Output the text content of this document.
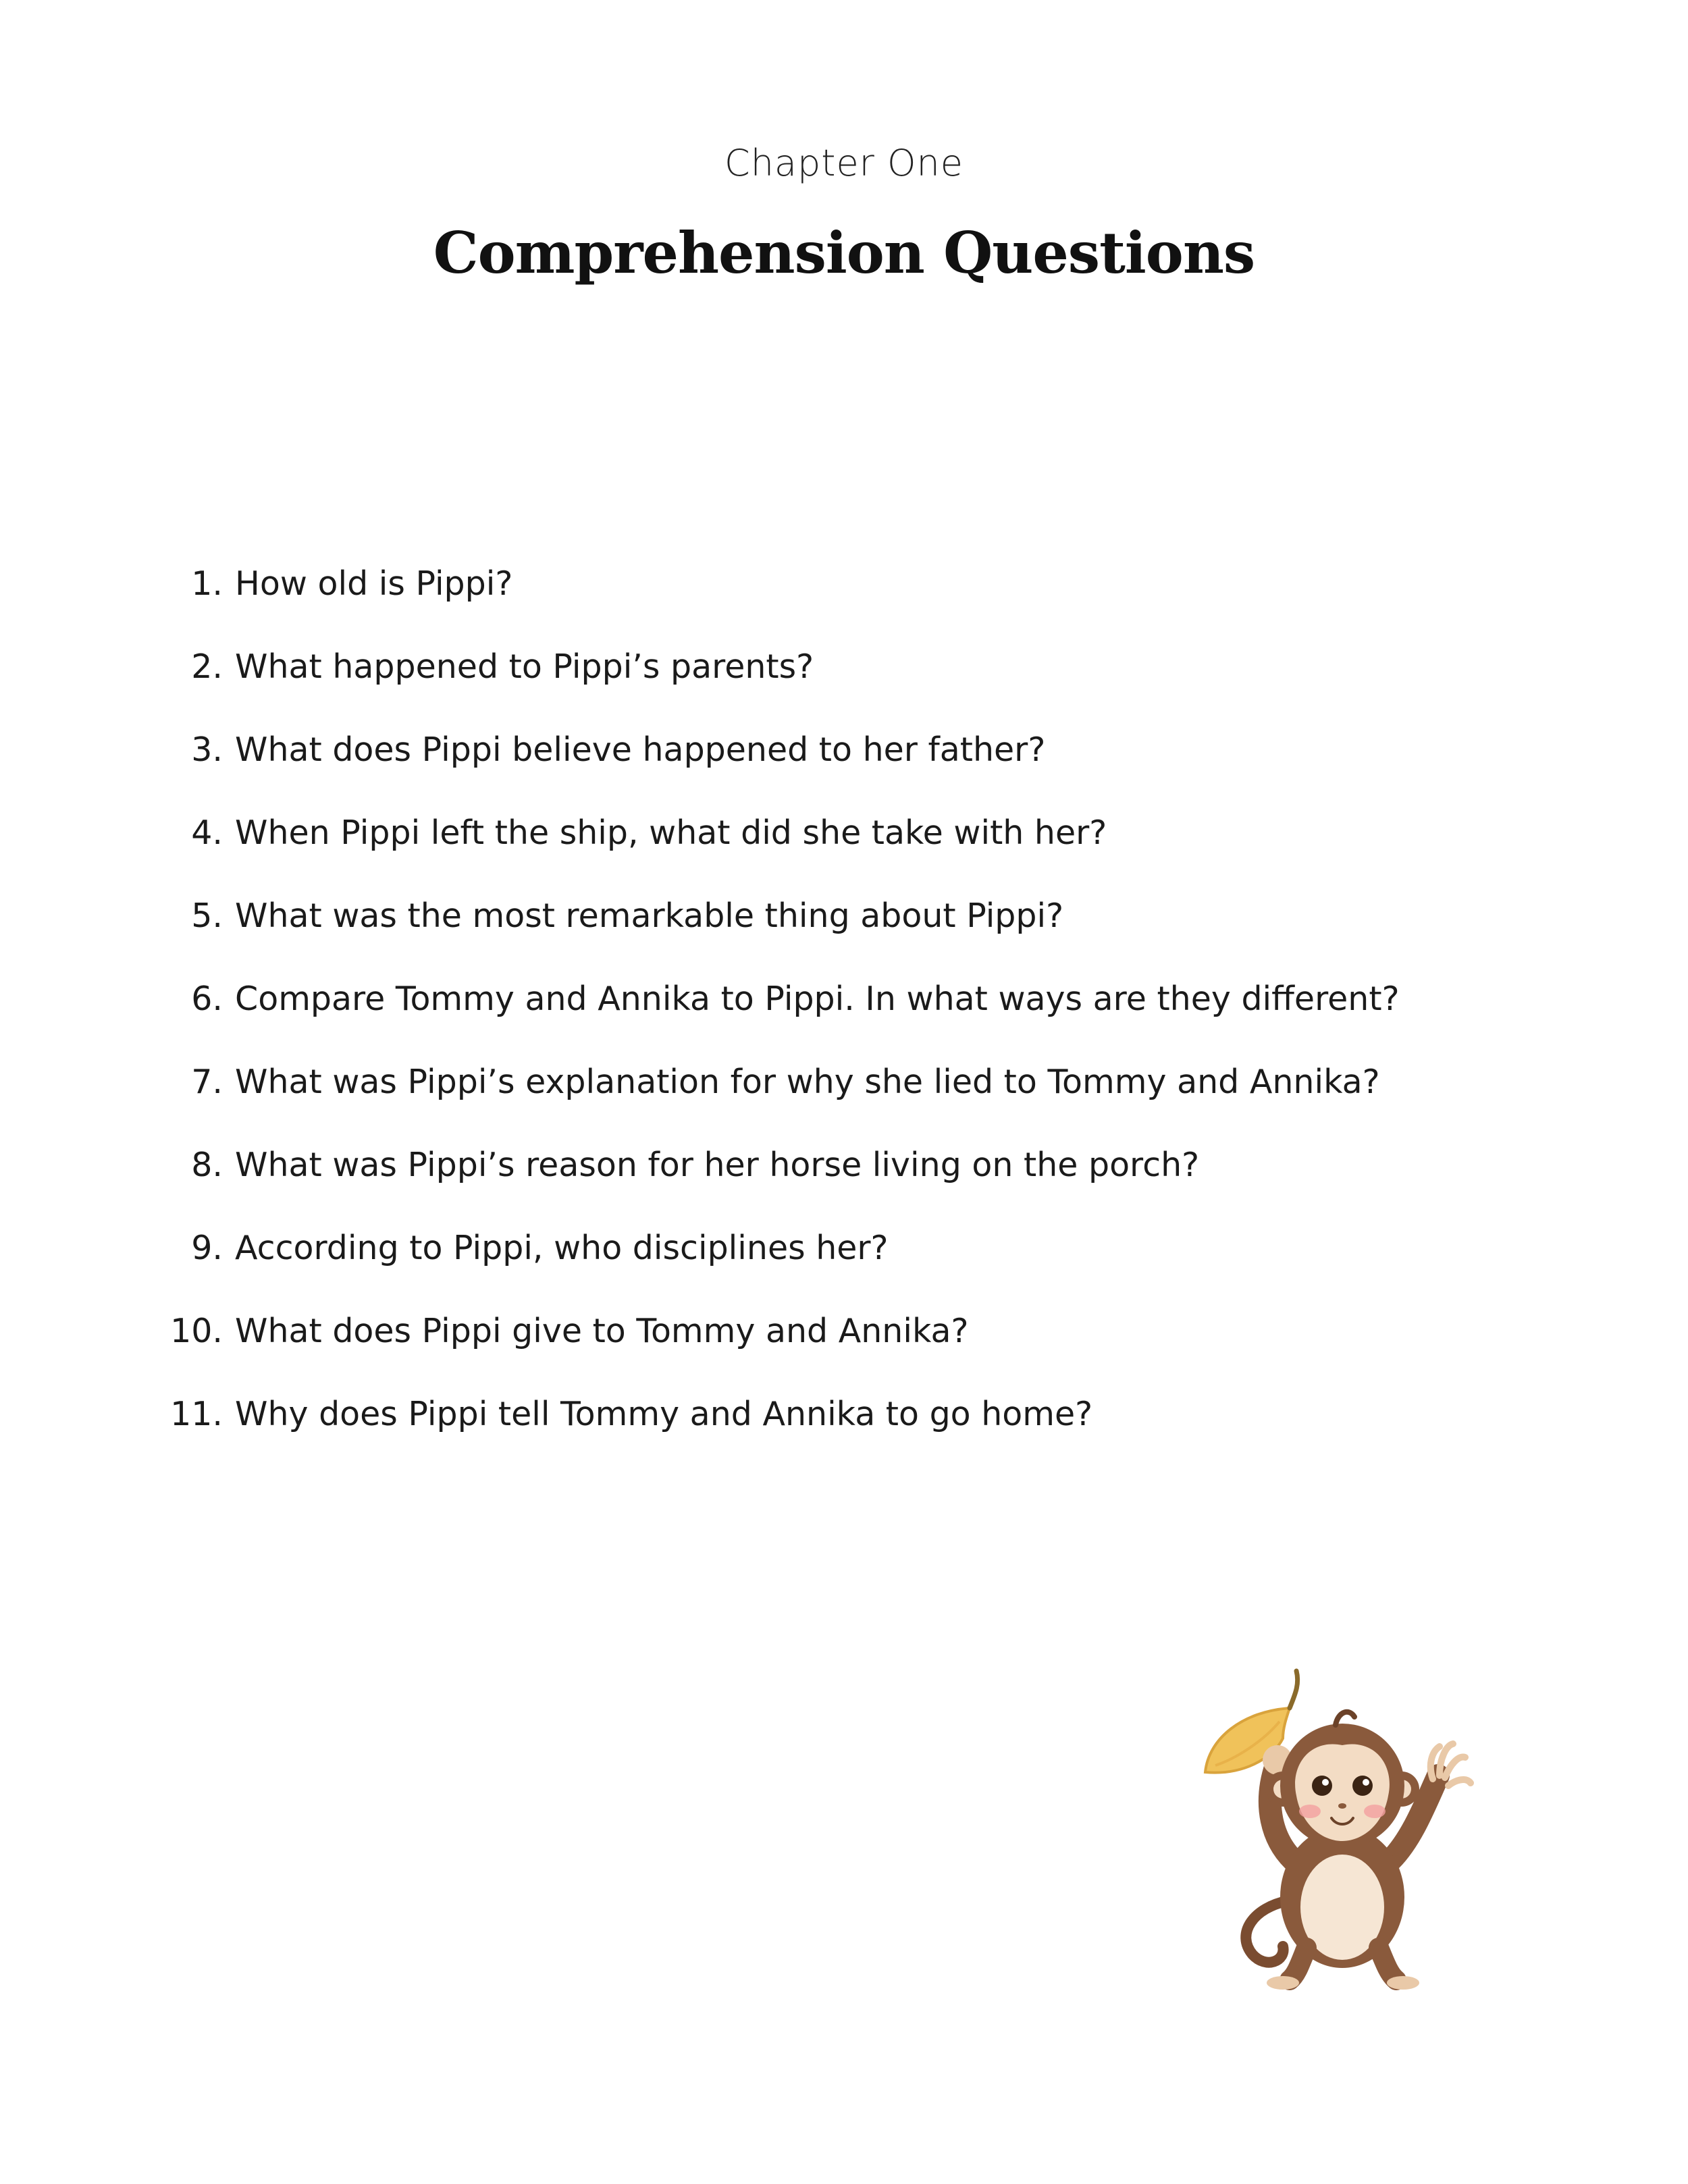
Chapter One
Comprehension Questions
1. How old is Pippi?
2. What happened to Pippi’s parents?
3. What does Pippi believe happened to her father?
4. When Pippi left the ship, what did she take with her?
5. What was the most remarkable thing about Pippi?
6. Compare Tommy and Annika to Pippi. In what ways are they different?
7. What was Pippi’s explanation for why she lied to Tommy and Annika?
8. What was Pippi’s reason for her horse living on the porch?
9. According to Pippi, who disciplines her?
10. What does Pippi give to Tommy and Annika?
11. Why does Pippi tell Tommy and Annika to go home?
